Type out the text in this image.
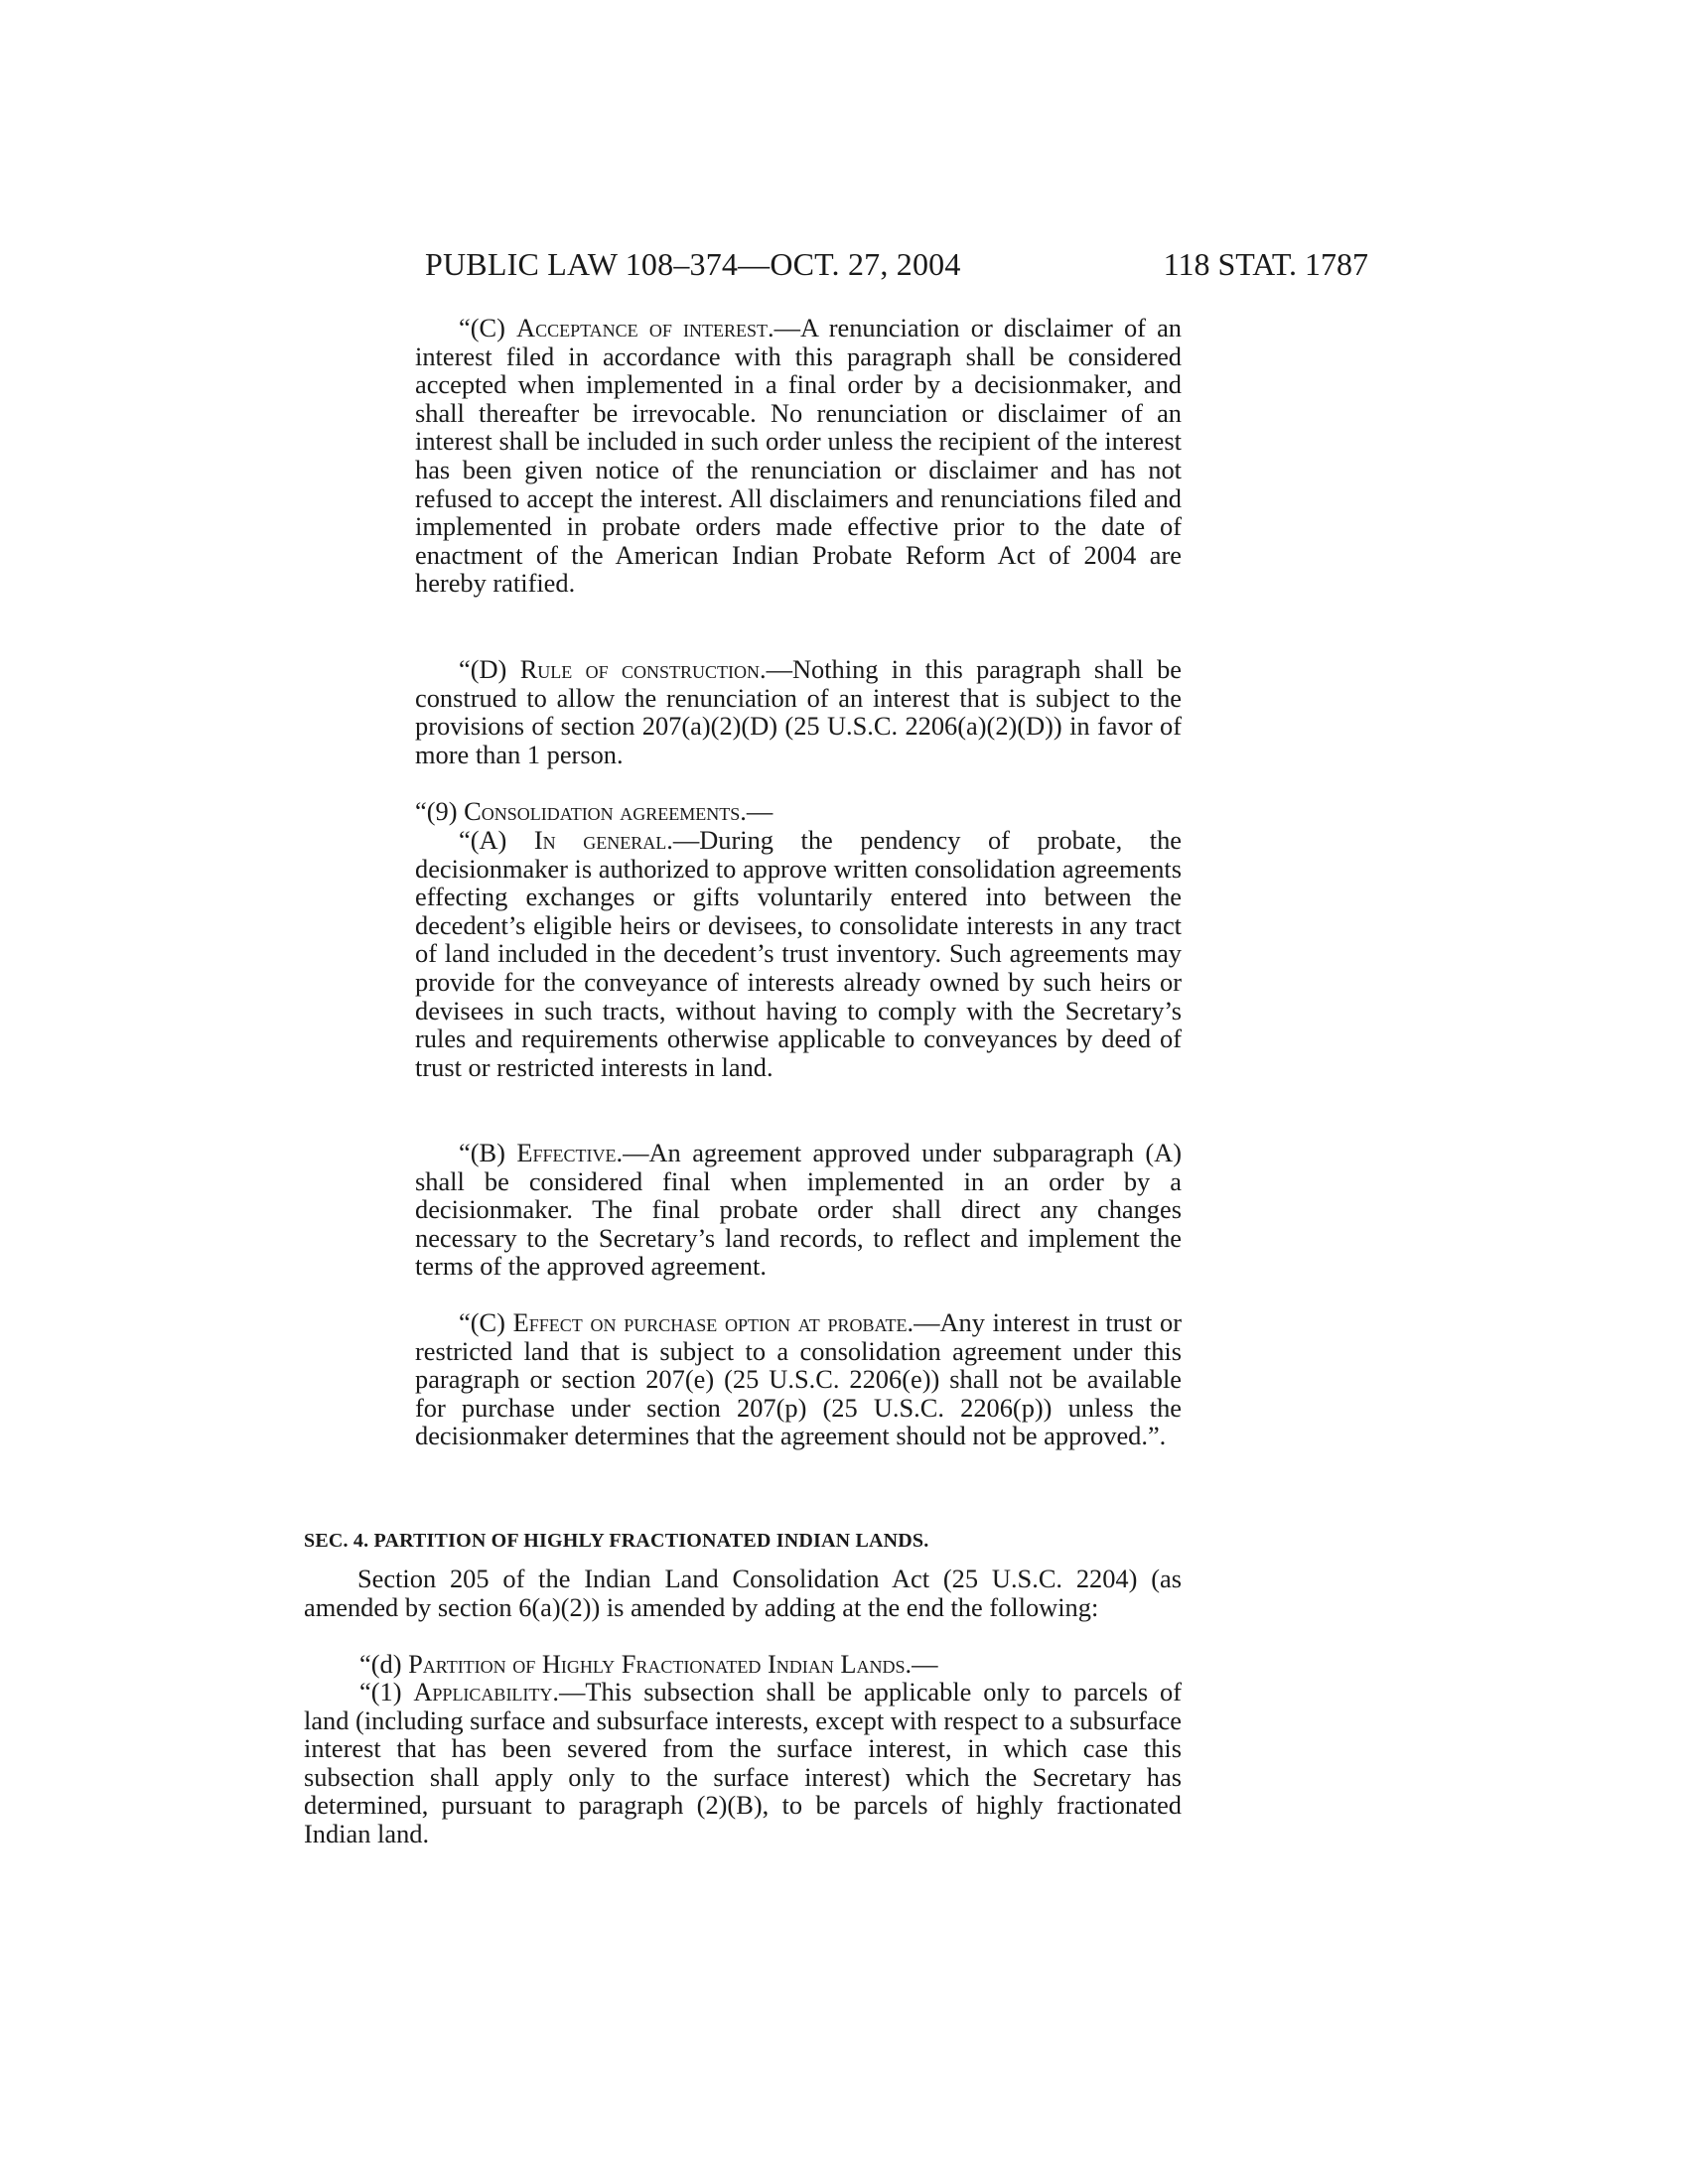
PUBLIC LAW 108–374—OCT. 27, 2004	118 STAT. 1787

“(C) Acceptance of interest.—A renunciation or disclaimer of an interest filed in accordance with this paragraph shall be considered accepted when implemented in a final order by a decisionmaker, and shall thereafter be irrevocable. No renunciation or disclaimer of an interest shall be included in such order unless the recipient of the interest has been given notice of the renunciation or disclaimer and has not refused to accept the interest. All disclaimers and renunciations filed and implemented in probate orders made effective prior to the date of enactment of the American Indian Probate Reform Act of 2004 are hereby ratified.

“(D) Rule of construction.—Nothing in this paragraph shall be construed to allow the renunciation of an interest that is subject to the provisions of section 207(a)(2)(D) (25 U.S.C. 2206(a)(2)(D)) in favor of more than 1 person.

“(9) Consolidation agreements.—

“(A) In general.—During the pendency of probate, the decisionmaker is authorized to approve written consolidation agreements effecting exchanges or gifts voluntarily entered into between the decedent’s eligible heirs or devisees, to consolidate interests in any tract of land included in the decedent’s trust inventory. Such agreements may provide for the conveyance of interests already owned by such heirs or devisees in such tracts, without having to comply with the Secretary’s rules and requirements otherwise applicable to conveyances by deed of trust or restricted interests in land.

“(B) Effective.—An agreement approved under subparagraph (A) shall be considered final when implemented in an order by a decisionmaker. The final probate order shall direct any changes necessary to the Secretary’s land records, to reflect and implement the terms of the approved agreement.

“(C) Effect on purchase option at probate.—Any interest in trust or restricted land that is subject to a consolidation agreement under this paragraph or section 207(e) (25 U.S.C. 2206(e)) shall not be available for purchase under section 207(p) (25 U.S.C. 2206(p)) unless the decisionmaker determines that the agreement should not be approved.”.

SEC. 4. PARTITION OF HIGHLY FRACTIONATED INDIAN LANDS.

Section 205 of the Indian Land Consolidation Act (25 U.S.C. 2204) (as amended by section 6(a)(2)) is amended by adding at the end the following:

“(d) Partition of Highly Fractionated Indian Lands.—

“(1) Applicability.—This subsection shall be applicable only to parcels of land (including surface and subsurface interests, except with respect to a subsurface interest that has been severed from the surface interest, in which case this subsection shall apply only to the surface interest) which the Secretary has determined, pursuant to paragraph (2)(B), to be parcels of highly fractionated Indian land.
